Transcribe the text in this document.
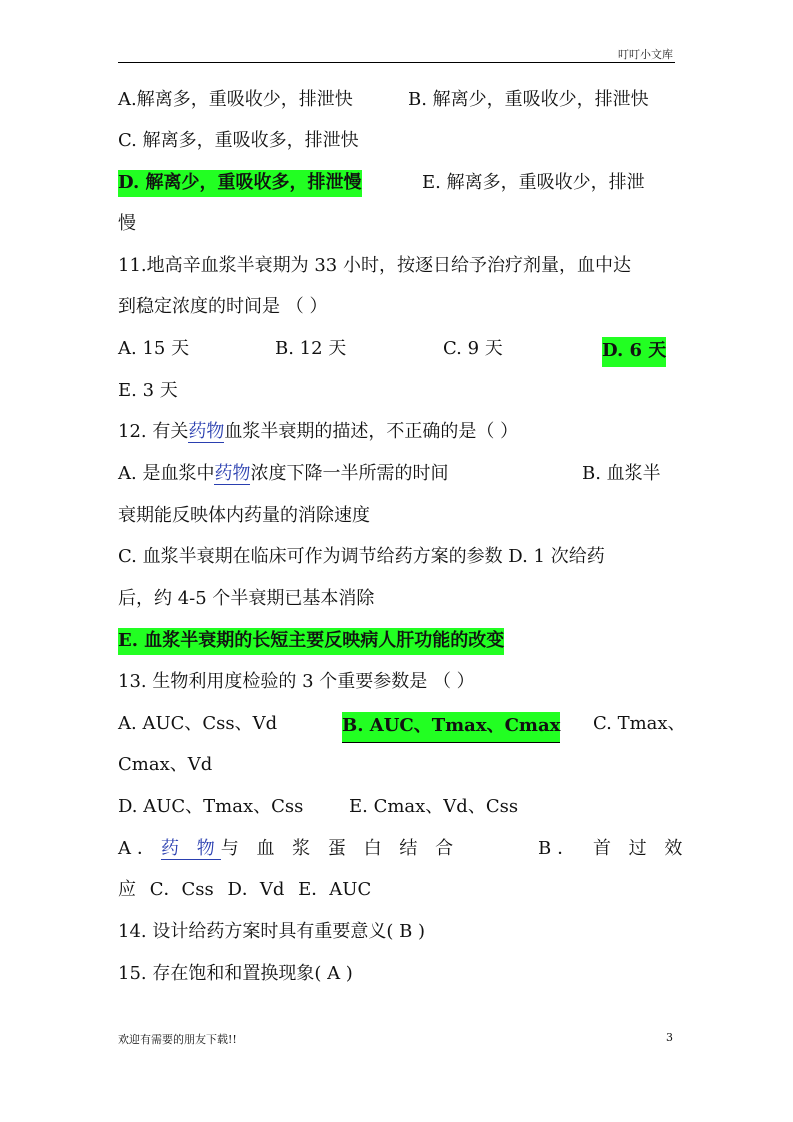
叮叮小文库
A.解离多，重吸收少，排泄快	B. 解离少，重吸收少，排泄快
C. 解离多，重吸收多，排泄快
D. 解离少，重吸收多，排泄慢	E. 解离多，重吸收少，排泄
慢
11.地高辛血浆半衰期为 33 小时，按逐日给予治疗剂量，血中达
到稳定浓度的时间是 （ ）
A. 15 天	B. 12 天	C. 9 天	D. 6 天
E. 3 天
12. 有关药物血浆半衰期的描述，不正确的是（ ）
A. 是血浆中药物浓度下降一半所需的时间	B. 血浆半
衰期能反映体内药量的消除速度
C. 血浆半衰期在临床可作为调节给药方案的参数 D. 1 次给药
后，约 4-5 个半衰期已基本消除
E. 血浆半衰期的长短主要反映病人肝功能的改变
13. 生物利用度检验的 3 个重要参数是 （ ）
A. AUC、Css、Vd	B. AUC、Tmax、Cmax C. Tmax、
Cmax、Vd
D. AUC、Tmax、Css	E. Cmax、Vd、Css
A．药 物与 血 浆 蛋 白 结 合	B． 首 过 效
应 C．Css D．Vd E．AUC
14. 设计给药方案时具有重要意义( B )
15. 存在饱和和置换现象( A )
欢迎有需要的朋友下载!!	3
